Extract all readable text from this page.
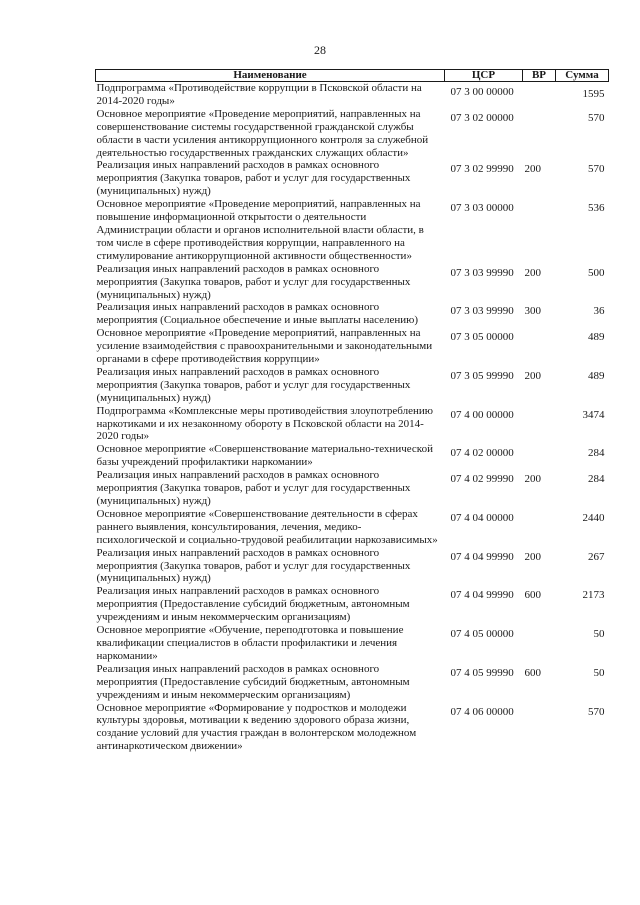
28
Наименование	ЦСР	ВР	Сумма
Подпрограмма «Противодействие коррупции в Псковской области на 2014-2020 годы»	07 3 00 00000		1595
Основное мероприятие «Проведение мероприятий, направленных на совершенствование системы государственной гражданской службы области в части усиления антикоррупционного контроля за служебной деятельностью государственных гражданских служащих области»	07 3 02 00000		570
Реализация иных направлений расходов в рамках основного мероприятия (Закупка товаров, работ и услуг для государственных (муниципальных) нужд)	07 3 02 99990	200	570
Основное мероприятие «Проведение мероприятий, направленных на повышение информационной открытости о деятельности Администрации области и органов исполнительной власти области, в том числе в сфере противодействия коррупции, направленного на стимулирование антикоррупционной активности общественности»	07 3 03 00000		536
Реализация иных направлений расходов в рамках основного мероприятия (Закупка товаров, работ и услуг для государственных (муниципальных) нужд)	07 3 03 99990	200	500
Реализация иных направлений расходов в рамках основного мероприятия (Социальное обеспечение и иные выплаты населению)	07 3 03 99990	300	36
Основное мероприятие «Проведение мероприятий, направленных на усиление взаимодействия с правоохранительными и законодательными органами в сфере противодействия коррупции»	07 3 05 00000		489
Реализация иных направлений расходов в рамках основного мероприятия (Закупка товаров, работ и услуг для государственных (муниципальных) нужд)	07 3 05 99990	200	489
Подпрограмма «Комплексные меры противодействия злоупотреблению наркотиками и их незаконному обороту в Псковской области на 2014-2020 годы»	07 4 00 00000		3474
Основное мероприятие «Совершенствование материально-технической базы учреждений профилактики наркомании»	07 4 02 00000		284
Реализация иных направлений расходов в рамках основного мероприятия (Закупка товаров, работ и услуг для государственных (муниципальных) нужд)	07 4 02 99990	200	284
Основное мероприятие «Совершенствование деятельности в сферах раннего выявления, консультирования, лечения, медико-психологической и социально-трудовой реабилитации наркозависимых»	07 4 04 00000		2440
Реализация иных направлений расходов в рамках основного мероприятия (Закупка товаров, работ и услуг для государственных (муниципальных) нужд)	07 4 04 99990	200	267
Реализация иных направлений расходов в рамках основного мероприятия (Предоставление субсидий бюджетным, автономным учреждениям и иным некоммерческим организациям)	07 4 04 99990	600	2173
Основное мероприятие «Обучение, переподготовка и повышение квалификации специалистов в области профилактики и лечения наркомании»	07 4 05 00000		50
Реализация иных направлений расходов в рамках основного мероприятия (Предоставление субсидий бюджетным, автономным учреждениям и иным некоммерческим организациям)	07 4 05 99990	600	50
Основное мероприятие «Формирование у подростков и молодежи культуры здоровья, мотивации к ведению здорового образа жизни, создание условий для участия граждан в волонтерском молодежном антинаркотическом движении»	07 4 06 00000		570
